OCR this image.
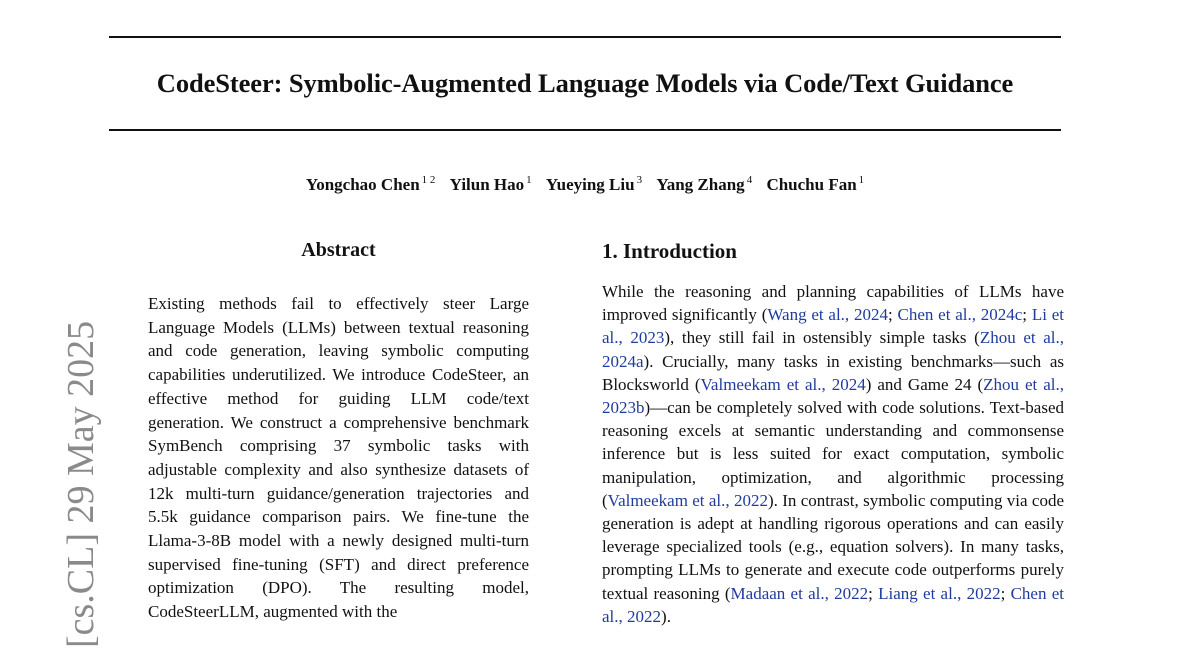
CodeSteer: Symbolic-Augmented Language Models via Code/Text Guidance
Yongchao Chen $^{1 2}$ Yilun Hao $^1$ Yueying Liu $^3$ Yang Zhang $^4$ Chuchu Fan $^1$
[cs.CL] 29 May 2025
Abstract
Existing methods fail to effectively steer Large Language Models (LLMs) between textual reasoning and code generation, leaving symbolic computing capabilities underutilized. We introduce CodeSteer, an effective method for guiding LLM code/text generation. We construct a comprehensive benchmark SymBench comprising 37 symbolic tasks with adjustable complexity and also synthesize datasets of 12k multi-turn guidance/generation trajectories and 5.5k guidance comparison pairs. We fine-tune the Llama-3-8B model with a newly designed multi-turn supervised fine-tuning (SFT) and direct preference optimization (DPO). The resulting model, CodeSteerLLM, augmented with the
1. Introduction
While the reasoning and planning capabilities of LLMs have improved significantly (Wang et al., 2024; Chen et al., 2024c; Li et al., 2023), they still fail in ostensibly simple tasks (Zhou et al., 2024a). Crucially, many tasks in existing benchmarks—such as Blocksworld (Valmeekam et al., 2024) and Game 24 (Zhou et al., 2023b)—can be completely solved with code solutions. Text-based reasoning excels at semantic understanding and commonsense inference but is less suited for exact computation, symbolic manipulation, optimization, and algorithmic processing (Valmeekam et al., 2022). In contrast, symbolic computing via code generation is adept at handling rigorous operations and can easily leverage specialized tools (e.g., equation solvers). In many tasks, prompting LLMs to generate and execute code outperforms purely textual reasoning (Madaan et al., 2022; Liang et al., 2022; Chen et al., 2022).
